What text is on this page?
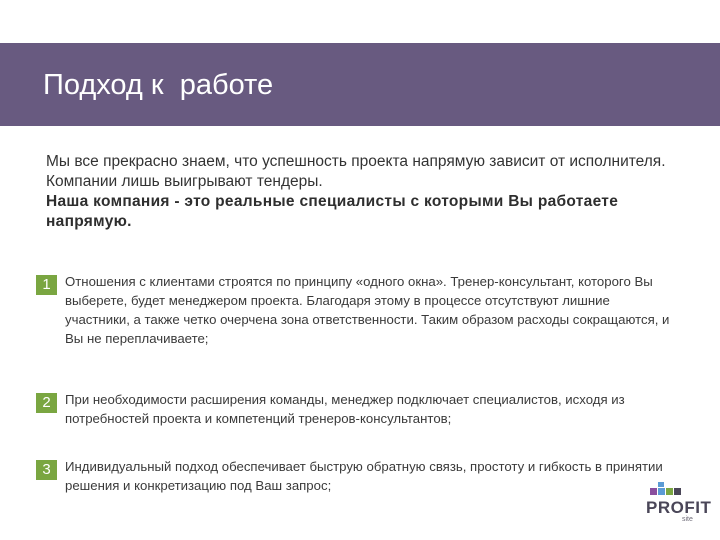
Подход к  работе

Мы все прекрасно знаем, что успешность проекта напрямую зависит от исполнителя. Компании лишь выигрывают тендеры.

Наша компания - это реальные специалисты с которыми Вы работаете напрямую.

1	Отношения с клиентами строятся по принципу «одного окна». Тренер-консультант, которого Вы выберете, будет менеджером проекта. Благодаря этому в процессе отсутствуют лишние участники, а также четко очерчена зона ответственности. Таким образом расходы сокращаются, и Вы не переплачиваете;
2	При необходимости расширения команды, менеджер подключает специалистов, исходя из потребностей проекта и компетенций тренеров-консультантов;
3	Индивидуальный подход обеспечивает быструю обратную связь, простоту и гибкость в принятии решения и конкретизацию под Ваш запрос;
PROFIT
site
